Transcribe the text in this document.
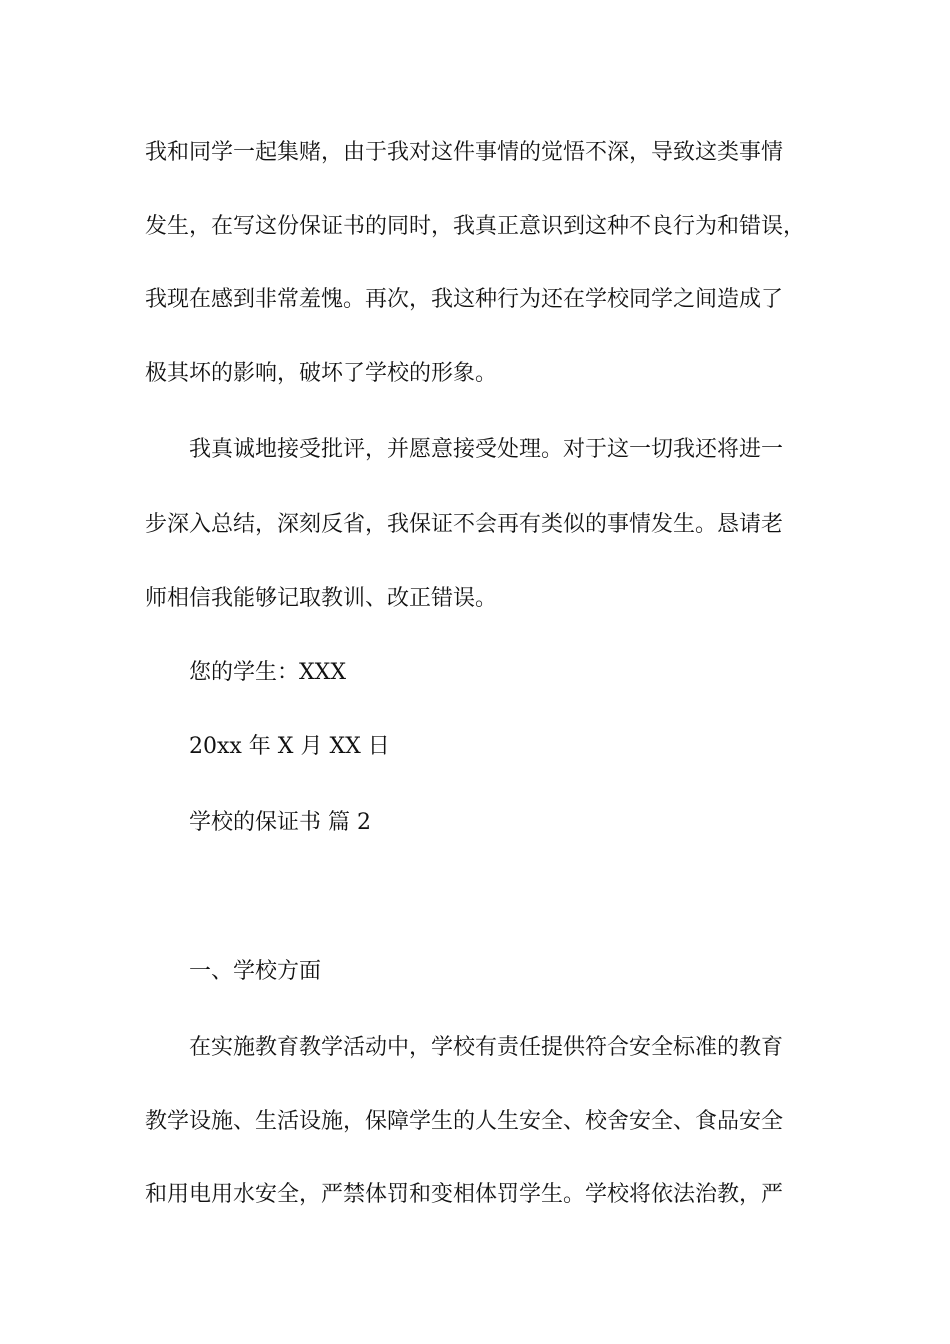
我和同学一起集赌，由于我对这件事情的觉悟不深，导致这类事情
发生，在写这份保证书的同时，我真正意识到这种不良行为和错误，
我现在感到非常羞愧。再次，我这种行为还在学校同学之间造成了
极其坏的影响，破坏了学校的形象。
我真诚地接受批评，并愿意接受处理。对于这一切我还将进一
步深入总结，深刻反省，我保证不会再有类似的事情发生。恳请老
师相信我能够记取教训、改正错误。
您的学生：XXX
20xx 年 X 月 XX 日
学校的保证书 篇 2
一、学校方面
在实施教育教学活动中，学校有责任提供符合安全标准的教育
教学设施、生活设施，保障学生的人生安全、校舍安全、食品安全
和用电用水安全，严禁体罚和变相体罚学生。学校将依法治教，严
